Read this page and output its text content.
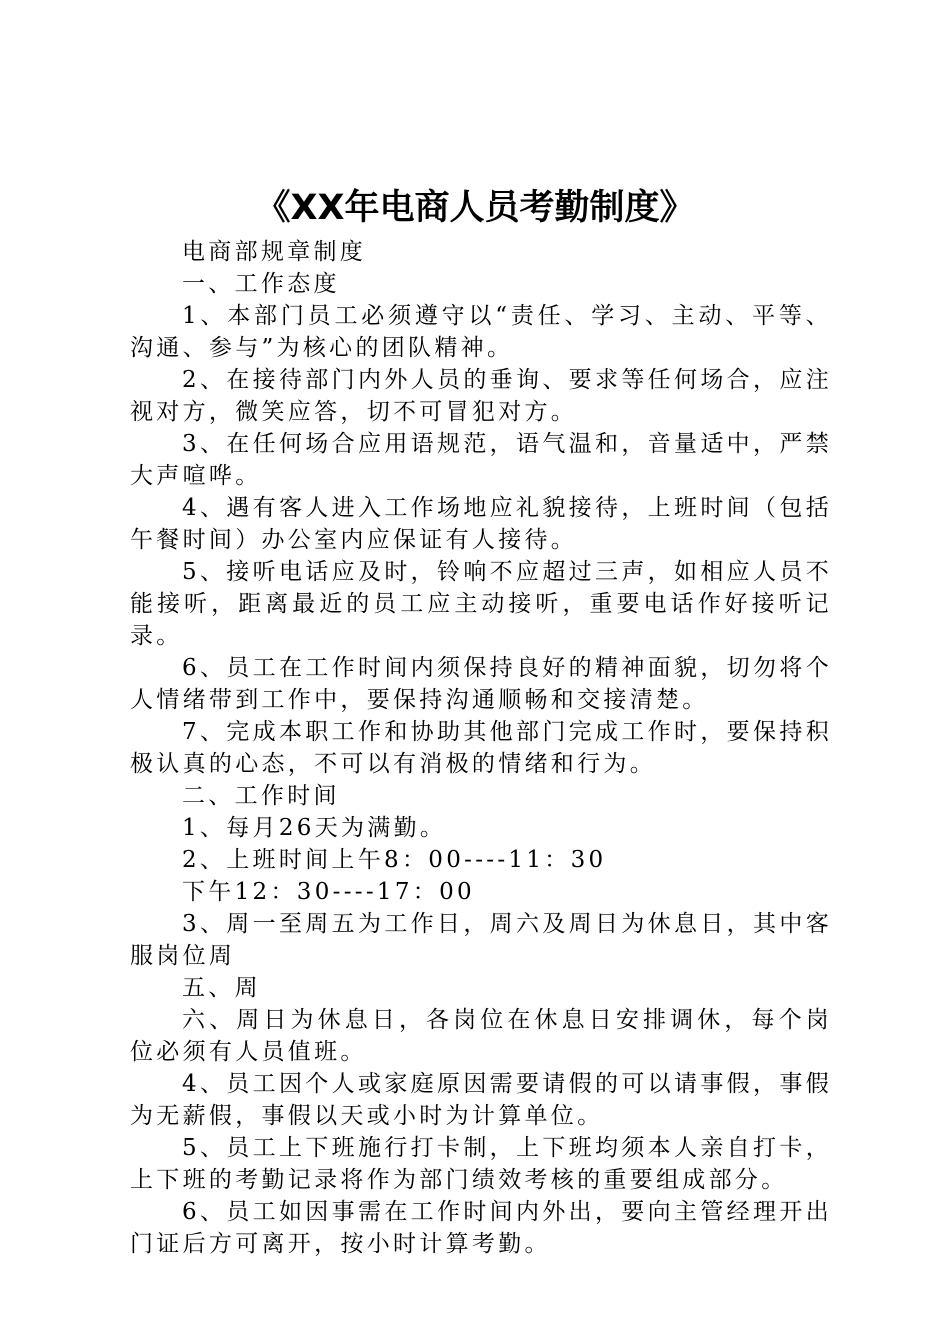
《XX年电商人员考勤制度》

电商部规章制度

一、工作态度

1、本部门员工必须遵守以“责任、学习、主动、平等、沟通、参与”为核心的团队精神。

2、在接待部门内外人员的垂询、要求等任何场合，应注视对方，微笑应答，切不可冒犯对方。

3、在任何场合应用语规范，语气温和，音量适中，严禁大声喧哗。

4、遇有客人进入工作场地应礼貌接待，上班时间（包括午餐时间）办公室内应保证有人接待。

5、接听电话应及时，铃响不应超过三声，如相应人员不能接听，距离最近的员工应主动接听，重要电话作好接听记录。

6、员工在工作时间内须保持良好的精神面貌，切勿将个人情绪带到工作中，要保持沟通顺畅和交接清楚。

7、完成本职工作和协助其他部门完成工作时，要保持积极认真的心态，不可以有消极的情绪和行为。

二、工作时间

1、每月26天为满勤。

2、上班时间上午8：00----11：30

下午12：30----17：00

3、周一至周五为工作日，周六及周日为休息日，其中客服岗位周

五、周

六、周日为休息日，各岗位在休息日安排调休，每个岗位必须有人员值班。

4、员工因个人或家庭原因需要请假的可以请事假，事假为无薪假，事假以天或小时为计算单位。

5、员工上下班施行打卡制，上下班均须本人亲自打卡，上下班的考勤记录将作为部门绩效考核的重要组成部分。

6、员工如因事需在工作时间内外出，要向主管经理开出门证后方可离开，按小时计算考勤。
